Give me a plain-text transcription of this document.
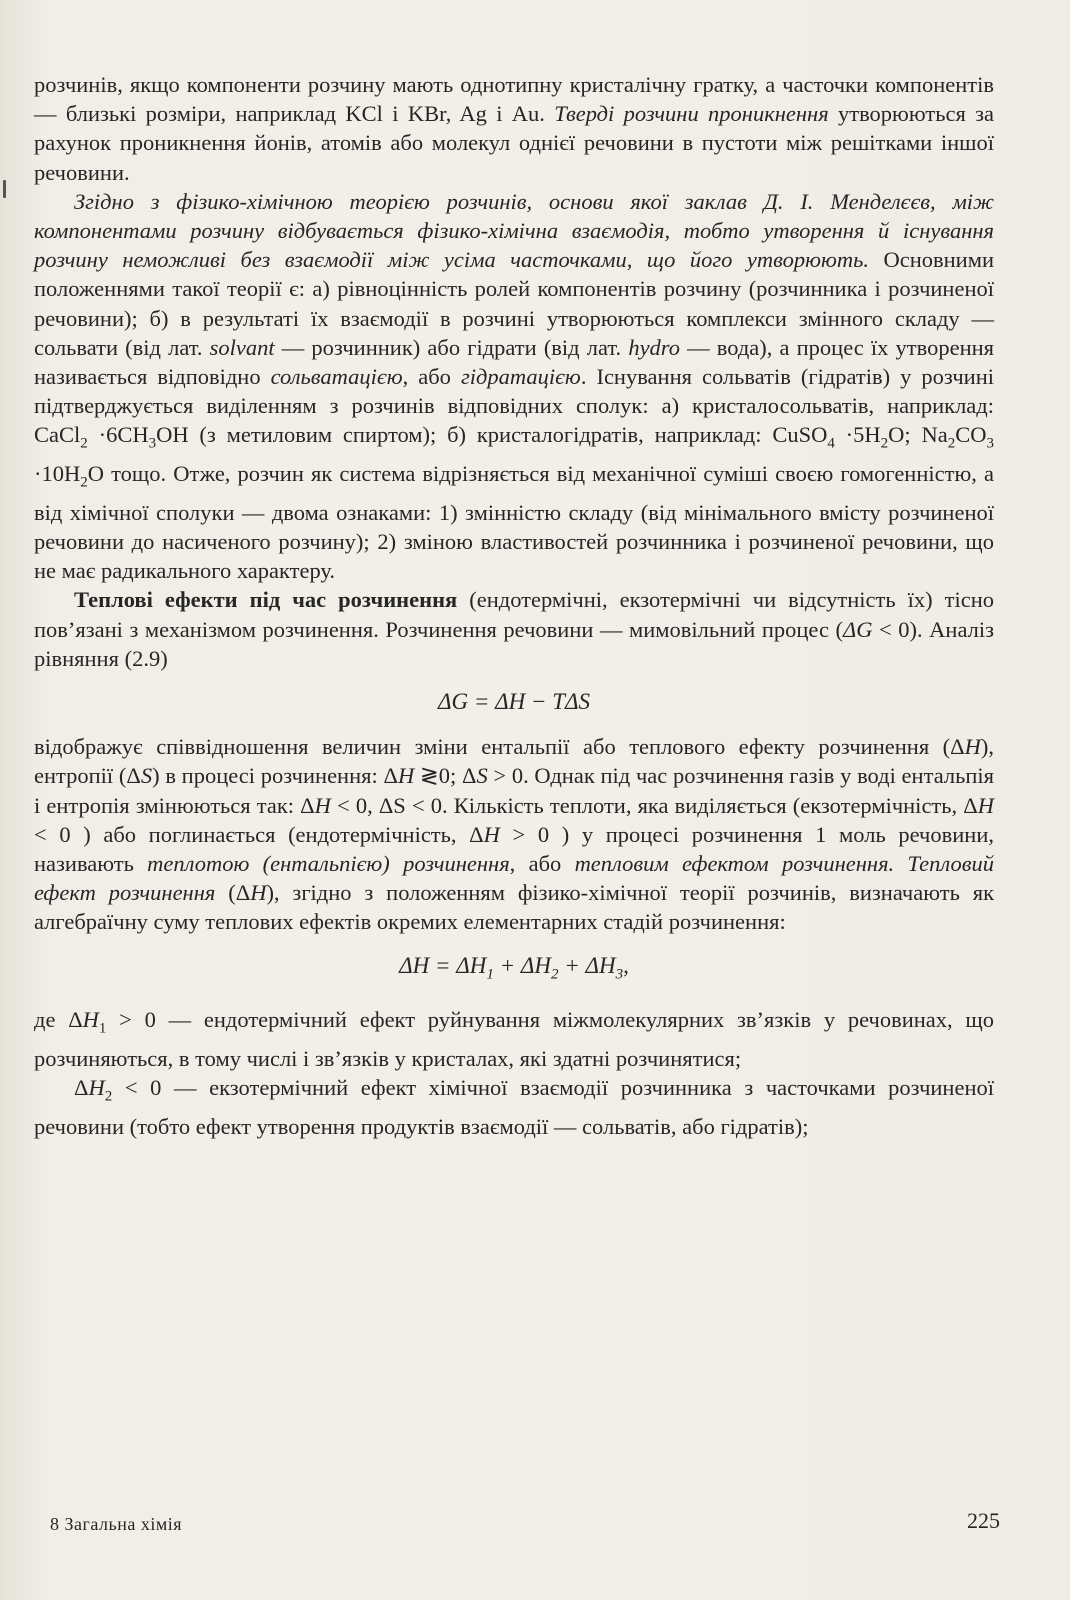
розчинів, якщо компоненти розчину мають однотипну кристалічну гратку, а часточки компонентів — близькі розміри, наприклад KCl і KBr, Ag і Au. Тверді розчини проникнення утворюються за рахунок проникнення йонів, атомів або молекул однієї речовини в пустоти між решітками іншої речовини.

Згідно з фізико-хімічною теорією розчинів, основи якої заклав Д. І. Менделєєв, між компонентами розчину відбувається фізико-хімічна взаємодія, тобто утворення й існування розчину неможливі без взаємодії між усіма часточками, що його утворюють. Основними положеннями такої теорії є: а) рівноцінність ролей компонентів розчину (розчинника і розчиненої речовини); б) в результаті їх взаємодії в розчині утворюються комплекси змінного складу — сольвати (від лат. solvant — розчинник) або гідрати (від лат. hydro — вода), а процес їх утворення називається відповідно сольватацією, або гідратацією. Існування сольватів (гідратів) у розчині підтверджується виділенням з розчинів відповідних сполук: а) кристалосольватів, наприклад: CaCl$_2$ $\cdot 6CH_3OH$ (з метиловим спиртом); б) кристалогідратів, наприклад: CuSO$_4$ $\cdot 5H_2O$; $Na_2CO_3 \cdot 10H_2O$ тощо. Отже, розчин як система відрізняється від механічної суміші своєю гомогенністю, а від хімічної сполуки — двома ознаками: 1) змінністю складу (від мінімального вмісту розчиненої речовини до насиченого розчину); 2) зміною властивостей розчинника і розчиненої речовини, що не має радикального характеру.

Теплові ефекти під час розчинення (ендотермічні, екзотермічні чи відсутність їх) тісно пов’язані з механізмом розчинення. Розчинення речовини — мимовільний процес (ΔG < 0). Аналіз рівняння (2.9)

ΔG = ΔH − TΔS

відображує співвідношення величин зміни ентальпії або теплового ефекту розчинення (ΔH), ентропії (ΔS) в процесі розчинення: ΔH ≷0; ΔS > 0. Однак під час розчинення газів у воді ентальпія і ентропія змінюються так: ΔH < 0, ΔS < 0. Кількість теплоти, яка виділяється (екзотермічність, ΔH < 0 ) або поглинається (ендотермічність, ΔH > 0 ) у процесі розчинення 1 моль речовини, називають теплотою (ентальпією) розчинення, або тепловим ефектом розчинення. Тепловий ефект розчинення (ΔH), згідно з положенням фізико-хімічної теорії розчинів, визначають як алгебраїчну суму теплових ефектів окремих елементарних стадій розчинення:

$\Delta H = \Delta H_1 + \Delta H_2 + \Delta H_3$,

де $\Delta H_1 > 0$ — ендотермічний ефект руйнування міжмолекулярних зв’язків у речовинах, що розчиняються, в тому числі і зв’язків у кристалах, які здатні розчинятися;

$\Delta H_2 < 0$ — екзотермічний ефект хімічної взаємодії розчинника з часточками розчиненої речовини (тобто ефект утворення продуктів взаємодії — сольватів, або гідратів);

8 Загальна хімія	225
